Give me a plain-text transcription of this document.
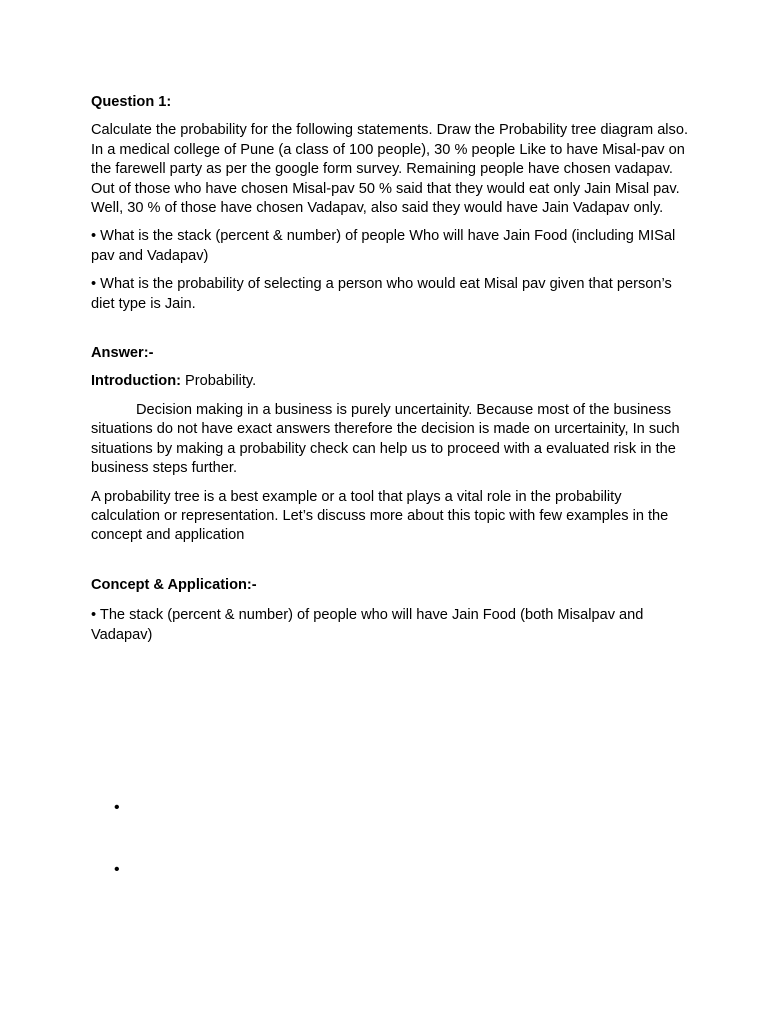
Question 1:

Calculate the probability for the following statements. Draw the Probability tree diagram also. In a medical college of Pune (a class of 100 people), 30 % people Like to have Misal-pav on the farewell party as per the google form survey. Remaining people have chosen vadapav. Out of those who have chosen Misal-pav 50 % said that they would eat only Jain Misal pav. Well, 30 % of those have chosen Vadapav, also said they would have Jain Vadapav only.

• What is the stack (percent & number) of people Who will have Jain Food (including MISal pav and Vadapav)

• What is the probability of selecting a person who would eat Misal pav given that person’s diet type is Jain.

Answer:-

Introduction: Probability.

Decision making in a business is purely uncertainity. Because most of the business situations do not have exact answers therefore the decision is made on urcertainity, In such situations by making a probability check can help us to proceed with a evaluated risk in the business steps further.

A probability tree is a best example or a tool that plays a vital role in the probability calculation or representation. Let’s discuss more about this topic with few examples in the concept and application

Concept & Application:-

• The stack (percent & number) of people who will have Jain Food (both Misalpav and Vadapav)

•
•
